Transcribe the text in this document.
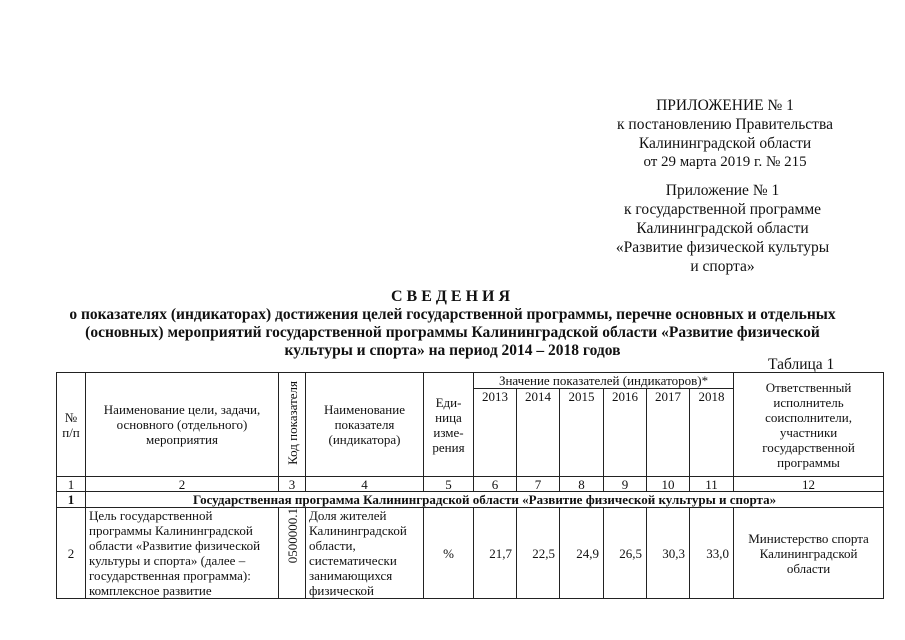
ПРИЛОЖЕНИЕ № 1
к постановлению Правительства
Калининградской области
от 29 марта 2019 г. № 215
Приложение № 1
к государственной программе
Калининградской области
«Развитие физической культуры
и спорта»
СВЕДЕНИЯ
о показателях (индикаторах) достижения целей государственной программы, перечне основных и отдельных
(основных) мероприятий государственной программы Калининградской области «Развитие физической
культуры и спорта» на период 2014 – 2018 годов
Таблица 1
№ п/п	Наименование цели, задачи, основного (отдельного) мероприятия	Код показателя	Наименование показателя (индикатора)	Еди-ница изме-рения	Значение показателей (индикаторов)*						Ответственный исполнитель соисполнители, участники государственной программы
					2013	2014	2015	2016	2017	2018	
1	2	3	4	5	6	7	8	9	10	11	12
1	Государственная программа Калининградской области «Развитие физической культуры и спорта»										
2	Цель государственной программы Калининградской области «Развитие физической культуры и спорта» (далее – государственная программа): комплексное развитие	0500000.1	Доля жителей Калининградской области, систематически занимающихся физической	%	21,7	22,5	24,9	26,5	30,3	33,0	Министерство спорта Калининградской области
